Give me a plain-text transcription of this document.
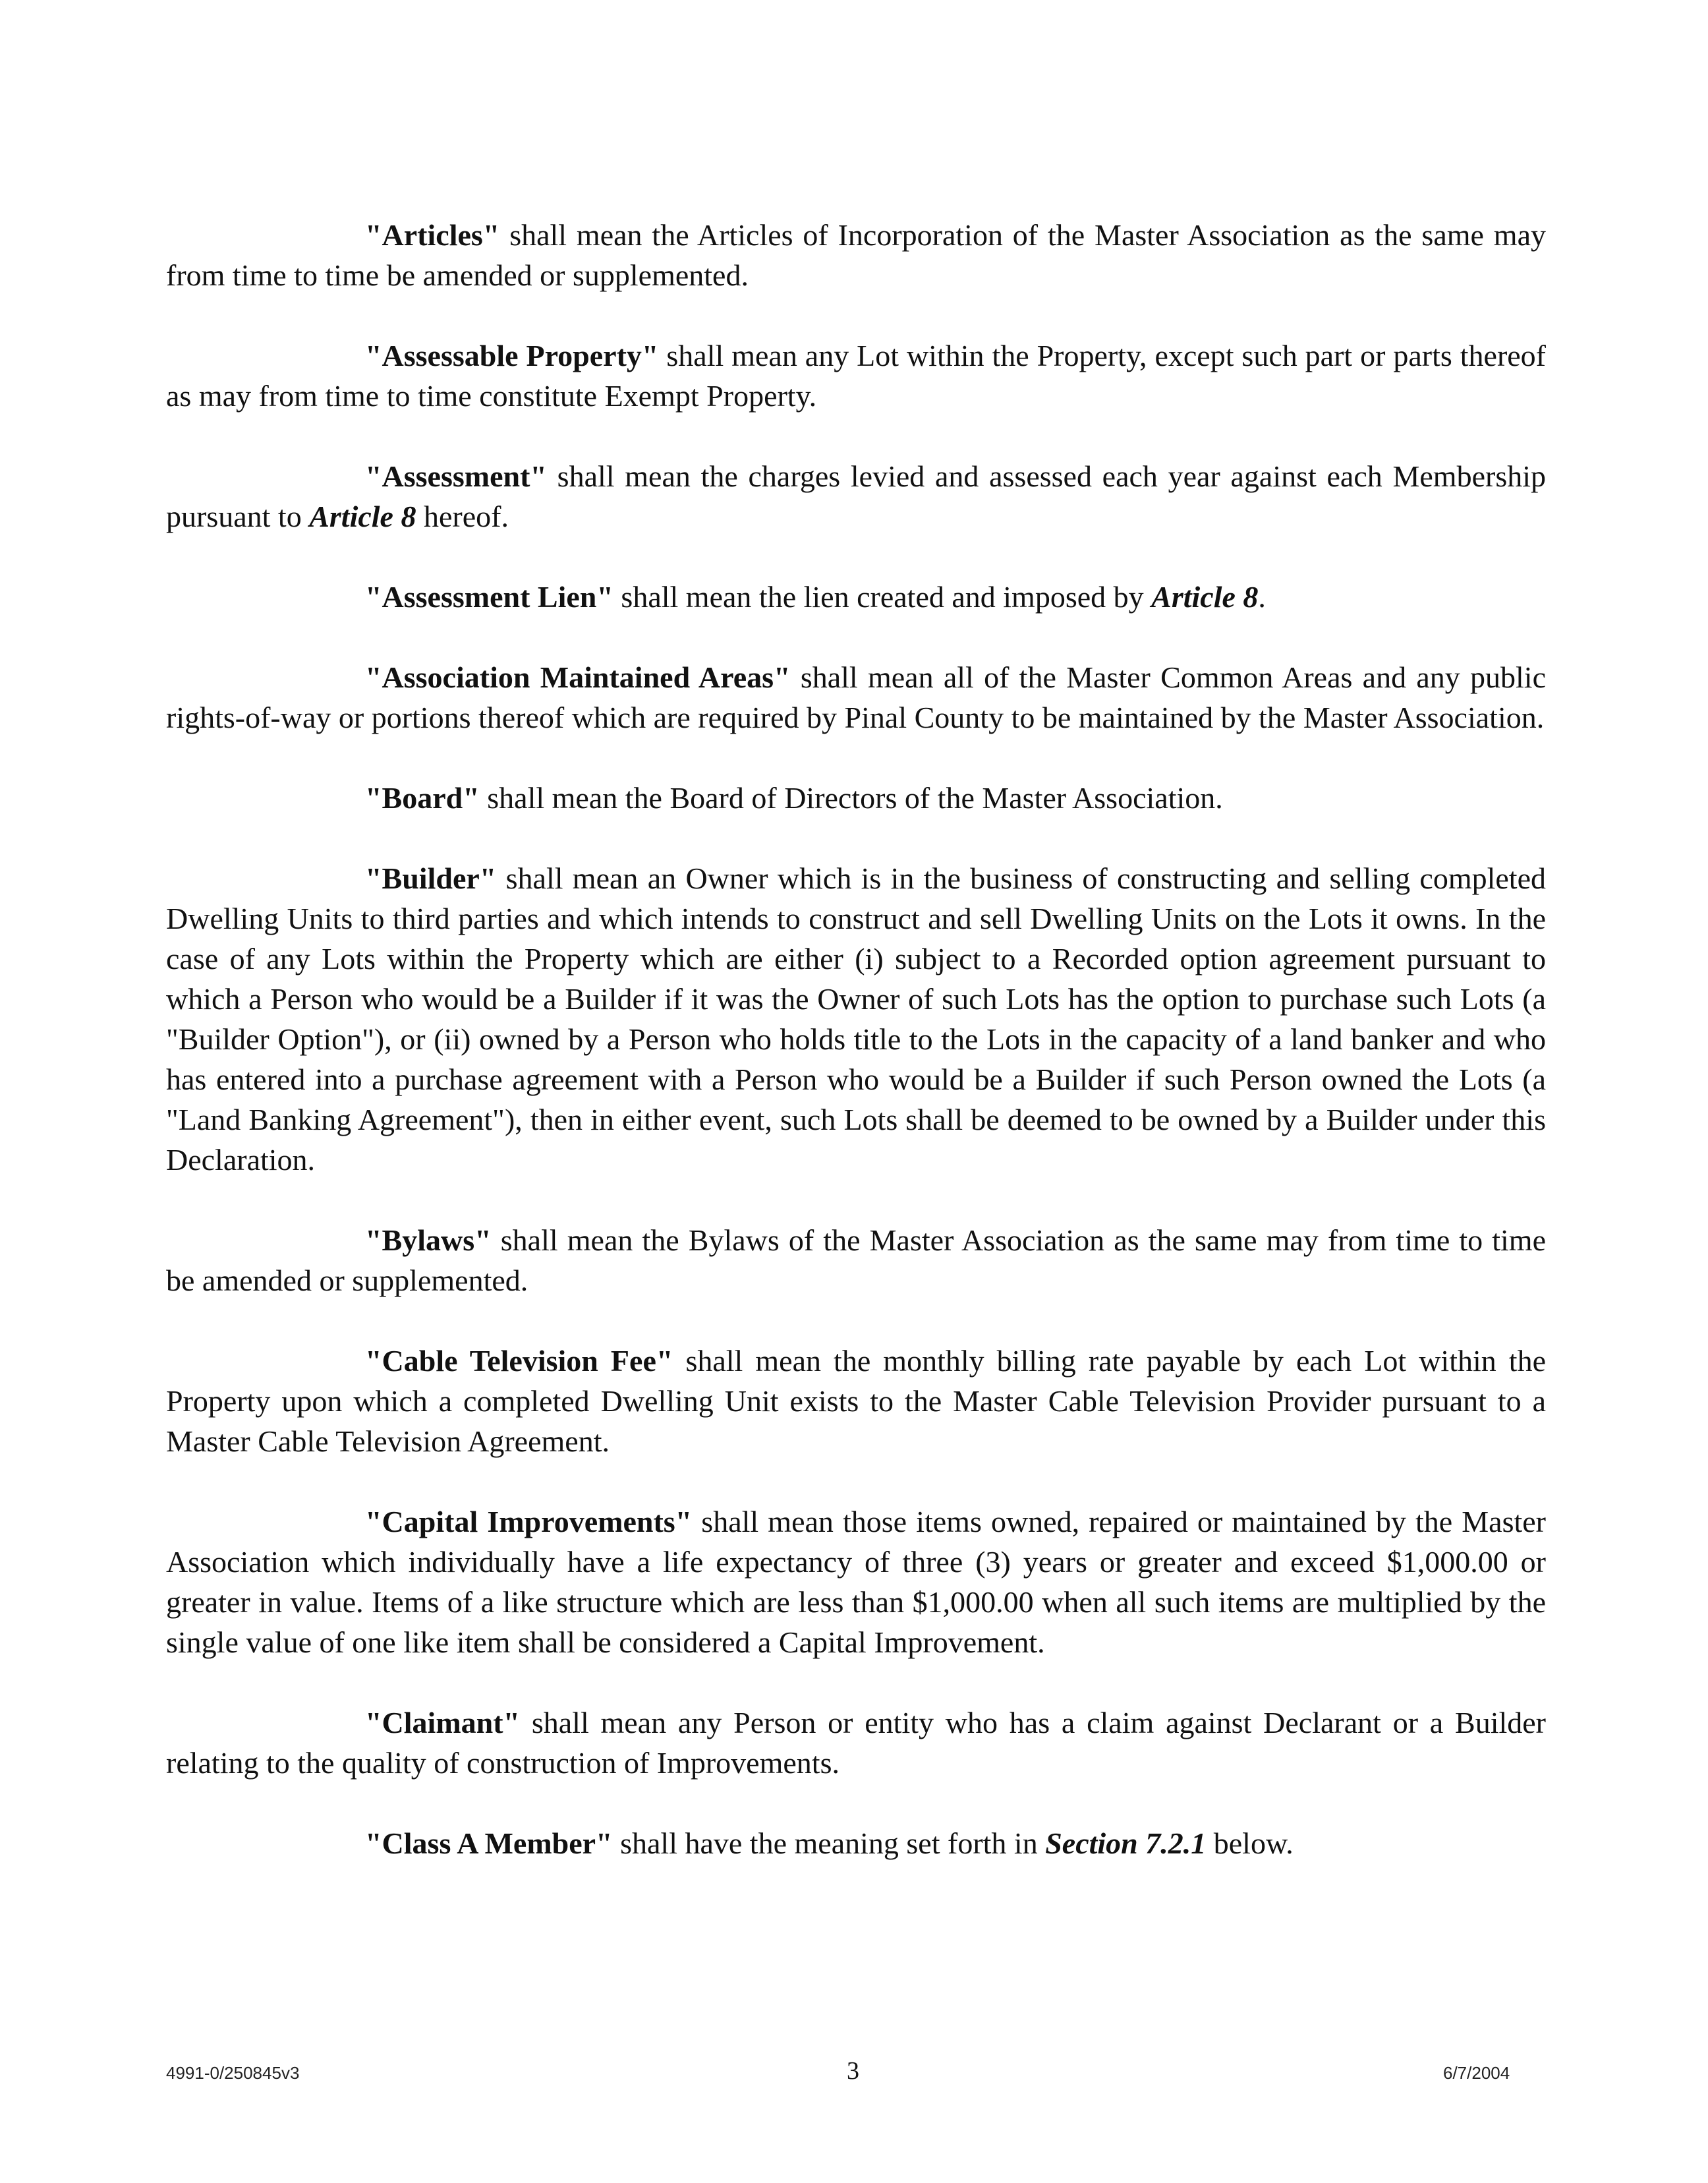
"Articles" shall mean the Articles of Incorporation of the Master Association as the same may from time to time be amended or supplemented.

"Assessable Property" shall mean any Lot within the Property, except such part or parts thereof as may from time to time constitute Exempt Property.

"Assessment" shall mean the charges levied and assessed each year against each Membership pursuant to Article 8 hereof.

"Assessment Lien" shall mean the lien created and imposed by Article 8.

"Association Maintained Areas" shall mean all of the Master Common Areas and any public rights-of-way or portions thereof which are required by Pinal County to be maintained by the Master Association.

"Board" shall mean the Board of Directors of the Master Association.

"Builder" shall mean an Owner which is in the business of constructing and selling completed Dwelling Units to third parties and which intends to construct and sell Dwelling Units on the Lots it owns. In the case of any Lots within the Property which are either (i) subject to a Recorded option agreement pursuant to which a Person who would be a Builder if it was the Owner of such Lots has the option to purchase such Lots (a "Builder Option"), or (ii) owned by a Person who holds title to the Lots in the capacity of a land banker and who has entered into a purchase agreement with a Person who would be a Builder if such Person owned the Lots (a "Land Banking Agreement"), then in either event, such Lots shall be deemed to be owned by a Builder under this Declaration.

"Bylaws" shall mean the Bylaws of the Master Association as the same may from time to time be amended or supplemented.

"Cable Television Fee" shall mean the monthly billing rate payable by each Lot within the Property upon which a completed Dwelling Unit exists to the Master Cable Television Provider pursuant to a Master Cable Television Agreement.

"Capital Improvements" shall mean those items owned, repaired or maintained by the Master Association which individually have a life expectancy of three (3) years or greater and exceed $1,000.00 or greater in value. Items of a like structure which are less than $1,000.00 when all such items are multiplied by the single value of one like item shall be considered a Capital Improvement.

"Claimant" shall mean any Person or entity who has a claim against Declarant or a Builder relating to the quality of construction of Improvements.

"Class A Member" shall have the meaning set forth in Section 7.2.1 below.

4991-0/250845v3	3	6/7/2004
